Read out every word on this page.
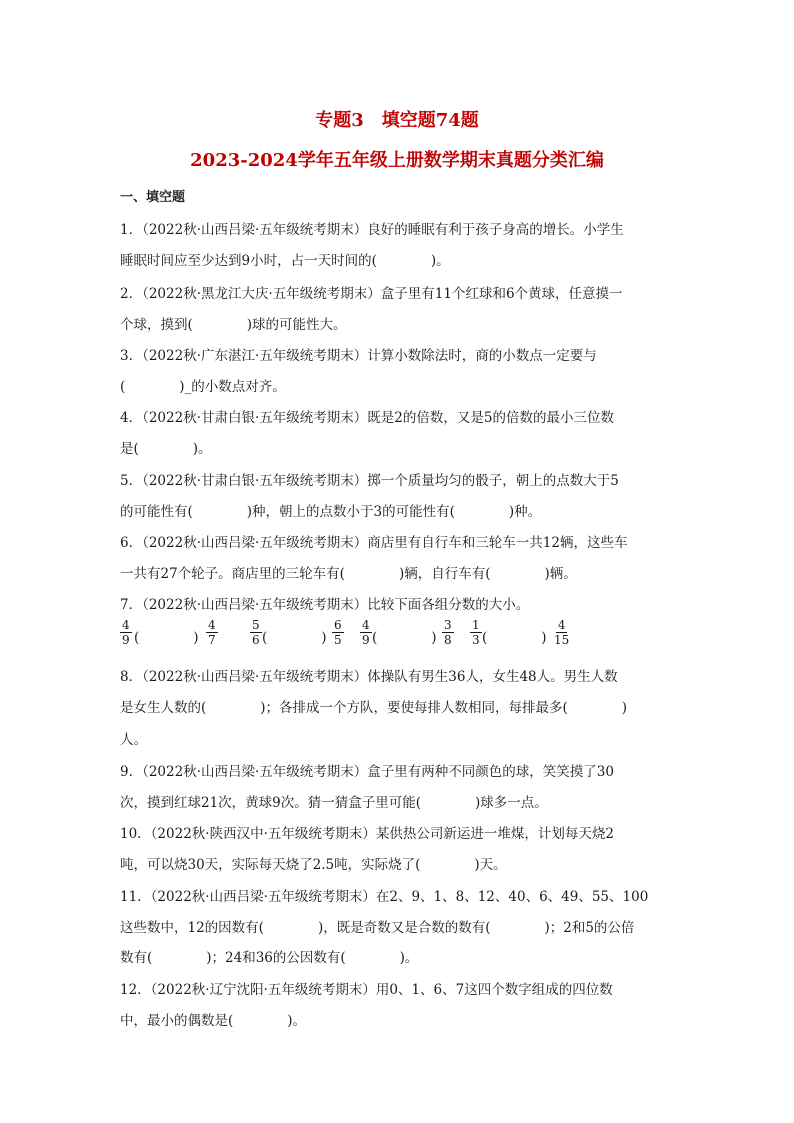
专题3　填空题74题
2023-2024学年五年级上册数学期末真题分类汇编
一、填空题
1．（2022秋·山西吕梁·五年级统考期末）良好的睡眠有利于孩子身高的增长。小学生
睡眠时间应至少达到9小时，占一天时间的(　　　　)。
2．（2022秋·黑龙江大庆·五年级统考期末）盒子里有11个红球和6个黄球，任意摸一
个球，摸到(　　　　)球的可能性大。
3．（2022秋·广东湛江·五年级统考期末）计算小数除法时，商的小数点一定要与
(　　　　)_的小数点对齐。
4．（2022秋·甘肃白银·五年级统考期末）既是2的倍数，又是5的倍数的最小三位数
是(　　　　)。
5．（2022秋·甘肃白银·五年级统考期末）掷一个质量均匀的骰子，朝上的点数大于5
的可能性有(　　　　)种，朝上的点数小于3的可能性有(　　　　)种。
6．（2022秋·山西吕梁·五年级统考期末）商店里有自行车和三轮车一共12辆，这些车
一共有27个轮子。商店里的三轮车有(　　　　)辆，自行车有(　　　　)辆。
7．（2022秋·山西吕梁·五年级统考期末）比较下面各组分数的大小。
$\frac{4}{9}$ (　　　　) $\frac{4}{7}$	$\frac{5}{6}$ (　　　　) $\frac{6}{5} \frac{4}{9}$ (　　　　) $\frac{3}{8} \frac{1}{3}$ (　　　　) $\frac{4}{15}$
8．（2022秋·山西吕梁·五年级统考期末）体操队有男生36人，女生48人。男生人数
是女生人数的(　　　　)；各排成一个方队，要使每排人数相同，每排最多(　　　　)
人。
9．（2022秋·山西吕梁·五年级统考期末）盒子里有两种不同颜色的球，笑笑摸了30
次，摸到红球21次，黄球9次。猜一猜盒子里可能(　　　　)球多一点。
10．（2022秋·陕西汉中·五年级统考期末）某供热公司新运进一堆煤，计划每天烧2
吨，可以烧30天，实际每天烧了2.5吨，实际烧了(　　　　)天。
11．（2022秋·山西吕梁·五年级统考期末）在2、9、1、8、12、40、6、49、55、100
这些数中，12的因数有(　　　　)，既是奇数又是合数的数有(　　　　)；2和5的公倍
数有(　　　　)；24和36的公因数有(　　　　)。
12．（2022秋·辽宁沈阳·五年级统考期末）用0、1、6、7这四个数字组成的四位数
中，最小的偶数是(　　　　)。
